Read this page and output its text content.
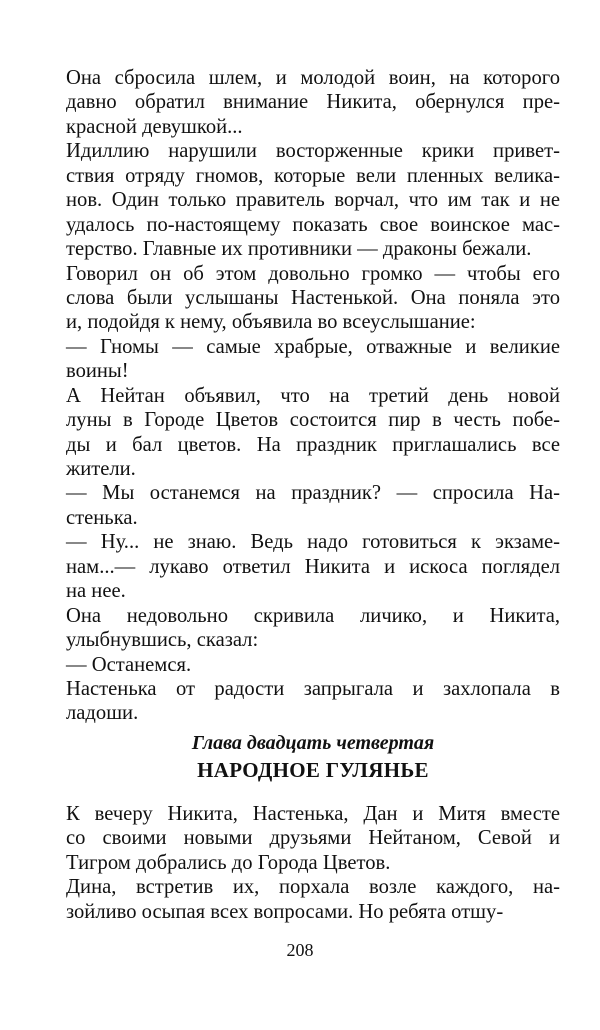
Она сбросила шлем, и молодой воин, на которого
давно обратил внимание Никита, обернулся пре-
красной девушкой...
Идиллию нарушили восторженные крики привет-
ствия отряду гномов, которые вели пленных велика-
нов. Один только правитель ворчал, что им так и не
удалось по-настоящему показать свое воинское мас-
терство. Главные их противники — драконы бежали.
Говорил он об этом довольно громко — чтобы его
слова были услышаны Настенькой. Она поняла это
и, подойдя к нему, объявила во всеуслышание:
— Гномы — самые храбрые, отважные и великие
воины!
А Нейтан объявил, что на третий день новой
луны в Городе Цветов состоится пир в честь побе-
ды и бал цветов. На праздник приглашались все
жители.
— Мы останемся на праздник? — спросила На-
стенька.
— Ну... не знаю. Ведь надо готовиться к экзаме-
нам...— лукаво ответил Никита и искоса поглядел
на нее.
Она недовольно скривила личико, и Никита,
улыбнувшись, сказал:
— Останемся.
Настенька от радости запрыгала и захлопала в
ладоши.
Глава двадцать четвертая
НАРОДНОЕ ГУЛЯНЬЕ
К вечеру Никита, Настенька, Дан и Митя вместе
со своими новыми друзьями Нейтаном, Севой и
Тигром добрались до Города Цветов.
Дина, встретив их, порхала возле каждого, на-
зойливо осыпая всех вопросами. Но ребята отшу-
208
